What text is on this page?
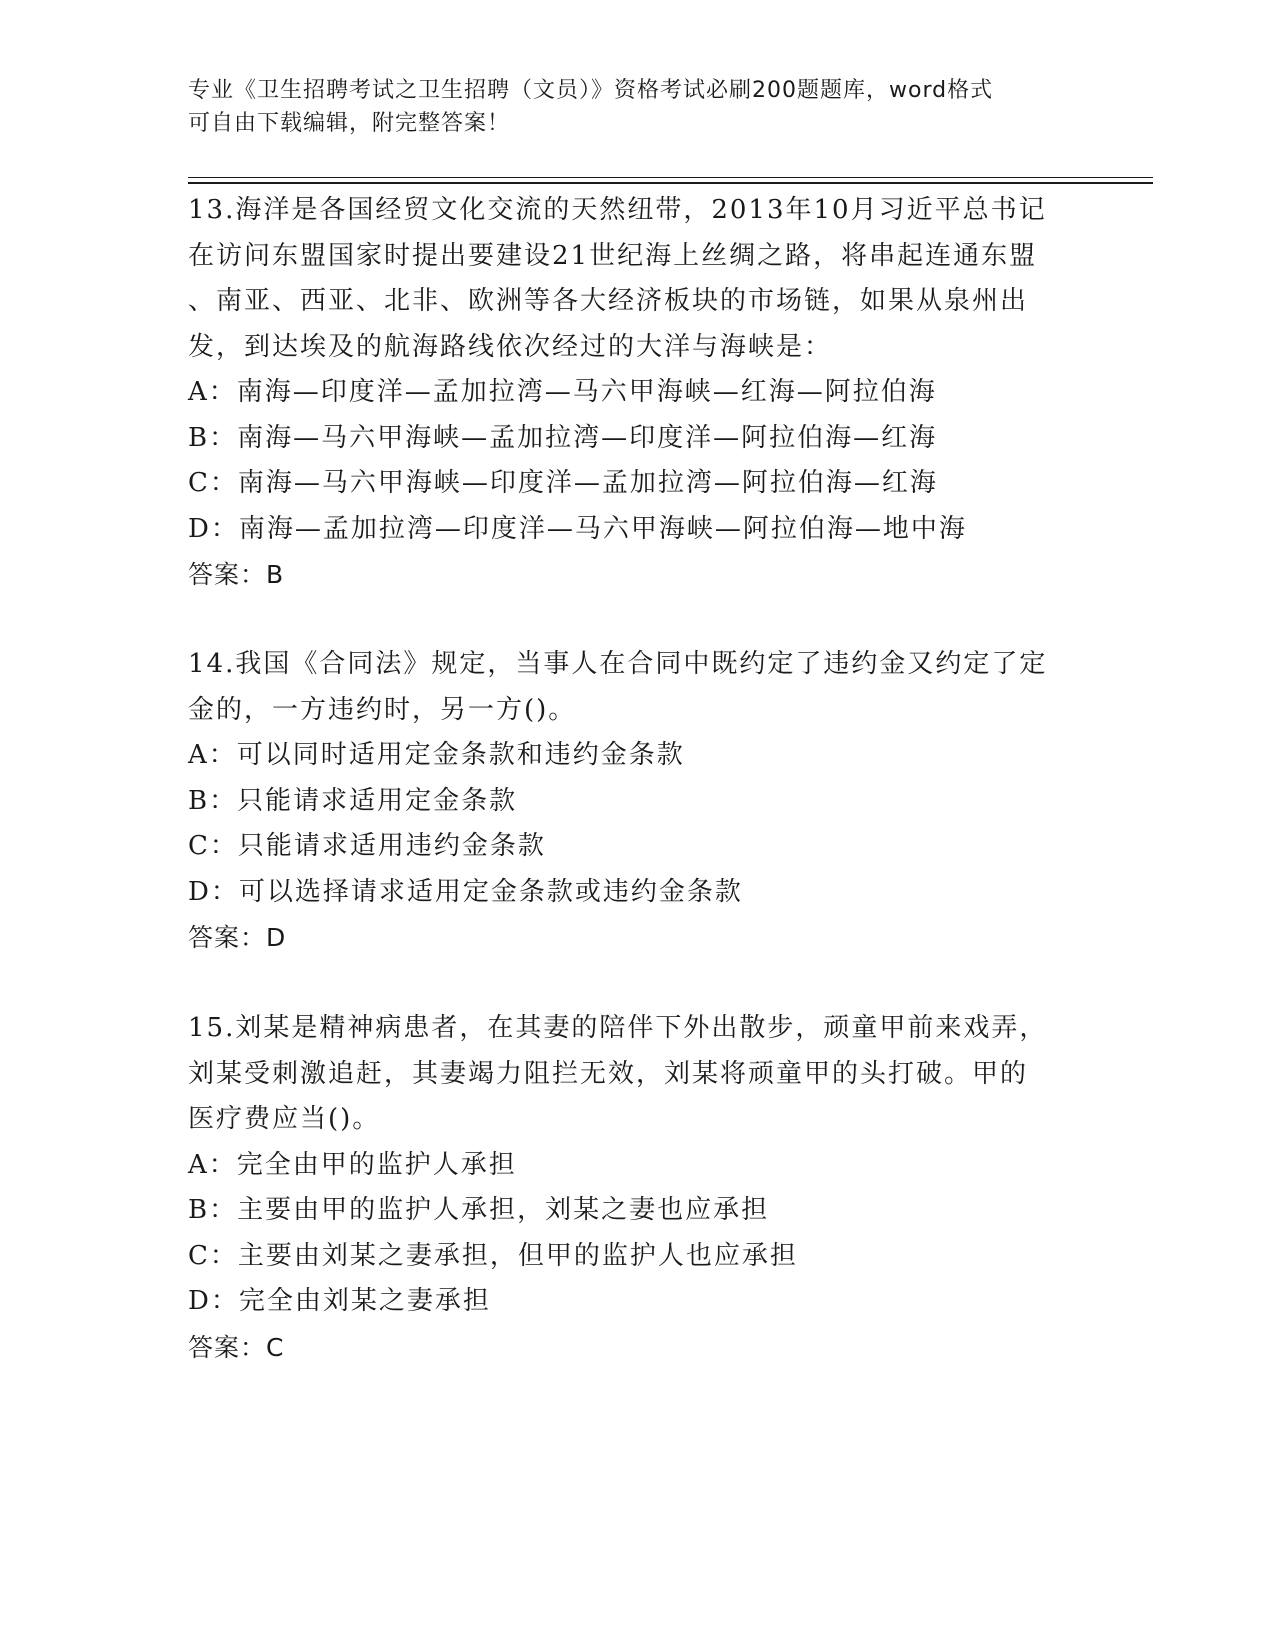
专业《卫生招聘考试之卫生招聘（文员）》资格考试必刷200题题库，word格式
可自由下载编辑，附完整答案！
13.海洋是各国经贸文化交流的天然纽带，2013年10月习近平总书记
在访问东盟国家时提出要建设21世纪海上丝绸之路，将串起连通东盟
、南亚、西亚、北非、欧洲等各大经济板块的市场链，如果从泉州出
发，到达埃及的航海路线依次经过的大洋与海峡是：
A：南海—印度洋—孟加拉湾—马六甲海峡—红海—阿拉伯海
B：南海—马六甲海峡—孟加拉湾—印度洋—阿拉伯海—红海
C：南海—马六甲海峡—印度洋—孟加拉湾—阿拉伯海—红海
D：南海—孟加拉湾—印度洋—马六甲海峡—阿拉伯海—地中海
答案：B
14.我国《合同法》规定，当事人在合同中既约定了违约金又约定了定
金的，一方违约时，另一方()。
A：可以同时适用定金条款和违约金条款
B：只能请求适用定金条款
C：只能请求适用违约金条款
D：可以选择请求适用定金条款或违约金条款
答案：D
15.刘某是精神病患者，在其妻的陪伴下外出散步，顽童甲前来戏弄，
刘某受刺激追赶，其妻竭力阻拦无效，刘某将顽童甲的头打破。甲的
医疗费应当()。
A：完全由甲的监护人承担
B：主要由甲的监护人承担，刘某之妻也应承担
C：主要由刘某之妻承担，但甲的监护人也应承担
D：完全由刘某之妻承担
答案：C
